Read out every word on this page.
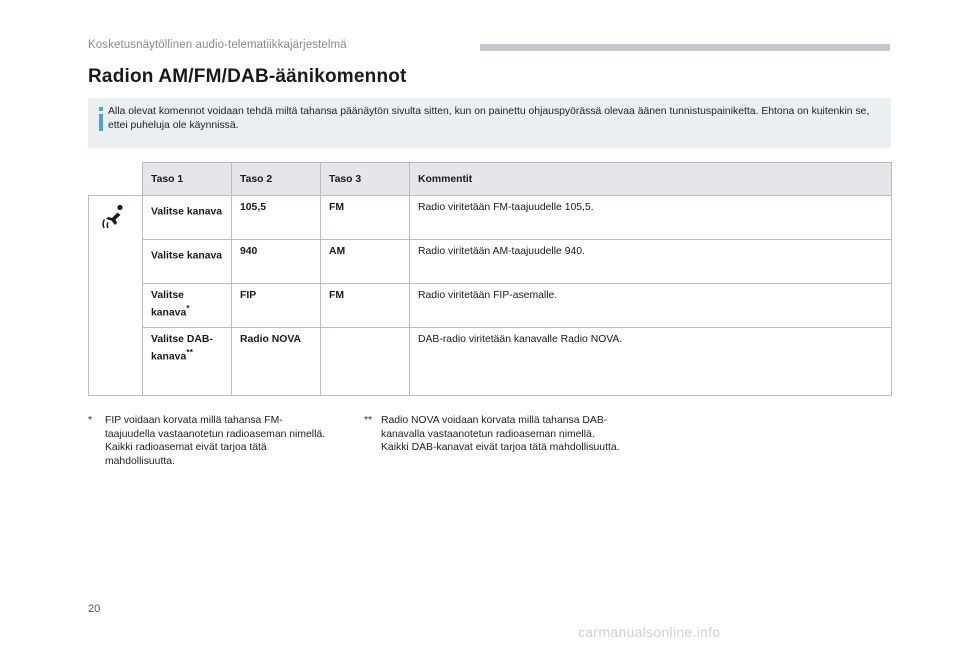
Kosketusnäytöllinen audio-telematiikkajärjestelmä
Radion AM/FM/DAB-äänikomennot
Alla olevat komennot voidaan tehdä miltä tahansa päänäytön sivulta sitten, kun on painettu ohjauspyörässä olevaa äänen tunnistuspainiketta. Ehtona on kuitenkin se, ettei puheluja ole käynnissä.
	Taso 1	Taso 2	Taso 3	Kommentit
	Valitse kanava	105,5	FM	Radio viritetään FM-taajuudelle 105,5.
	Valitse kanava	940	AM	Radio viritetään AM-taajuudelle 940.
	Valitse kanava*	FIP	FM	Radio viritetään FIP-asemalle.
	Valitse DAB-kanava**	Radio NOVA		DAB-radio viritetään kanavalle Radio NOVA.
* FIP voidaan korvata millä tahansa FM-taajuudella vastaanotetun radioaseman nimellä. Kaikki radioasemat eivät tarjoa tätä mahdollisuutta.
** Radio NOVA voidaan korvata millä tahansa DAB-kanavalla vastaanotetun radioaseman nimellä. Kaikki DAB-kanavat eivät tarjoa tätä mahdollisuutta.
20
carmanualsonline.info
